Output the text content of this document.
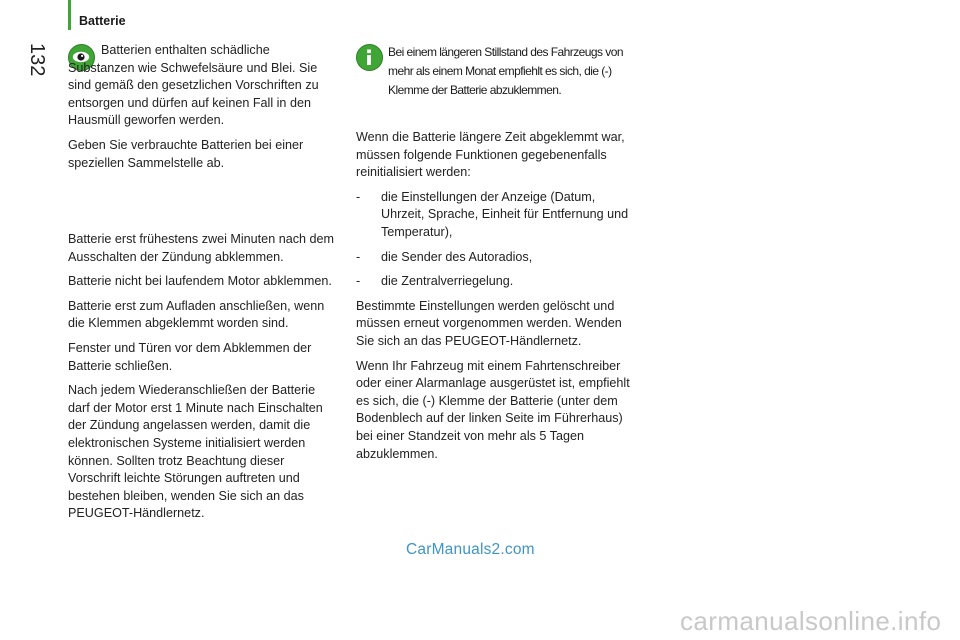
Batterie
132	Batterien enthalten schädliche

Substanzen wie Schwefelsäure und Blei. Sie sind gemäß den gesetzlichen Vorschriften zu entsorgen und dürfen auf keinen Fall in den Hausmüll geworfen werden.

Geben Sie verbrauchte Batterien bei einer speziellen Sammelstelle ab.

Batterie erst frühestens zwei Minuten nach dem Ausschalten der Zündung abklemmen.

Batterie nicht bei laufendem Motor abklemmen.

Batterie erst zum Aufladen anschließen, wenn die Klemmen abgeklemmt worden sind.

Fenster und Türen vor dem Abklemmen der Batterie schließen.

Nach jedem Wiederanschließen der Batterie darf der Motor erst 1 Minute nach Einschalten der Zündung angelassen werden, damit die elektronischen Systeme initialisiert werden können. Sollten trotz Beachtung dieser Vorschrift leichte Störungen auftreten und bestehen bleiben, wenden Sie sich an das PEUGEOT-Händlernetz.

Bei einem längeren Stillstand des Fahrzeugs von mehr als einem Monat empfiehlt es sich, die (-) Klemme der Batterie abzuklemmen.

Wenn die Batterie längere Zeit abgeklemmt war, müssen folgende Funktionen gegebenenfalls reinitialisiert werden:

-	die Einstellungen der Anzeige (Datum, Uhrzeit, Sprache, Einheit für Entfernung und Temperatur),
-	die Sender des Autoradios,
-	die Zentralverriegelung.

Bestimmte Einstellungen werden gelöscht und müssen erneut vorgenommen werden. Wenden Sie sich an das PEUGEOT-Händlernetz.

Wenn Ihr Fahrzeug mit einem Fahrtenschreiber oder einer Alarmanlage ausgerüstet ist, empfiehlt es sich, die (-) Klemme der Batterie (unter dem Bodenblech auf der linken Seite im Führerhaus) bei einer Standzeit von mehr als 5 Tagen abzuklemmen.

CarManuals2.com
carmanualsonline.info
